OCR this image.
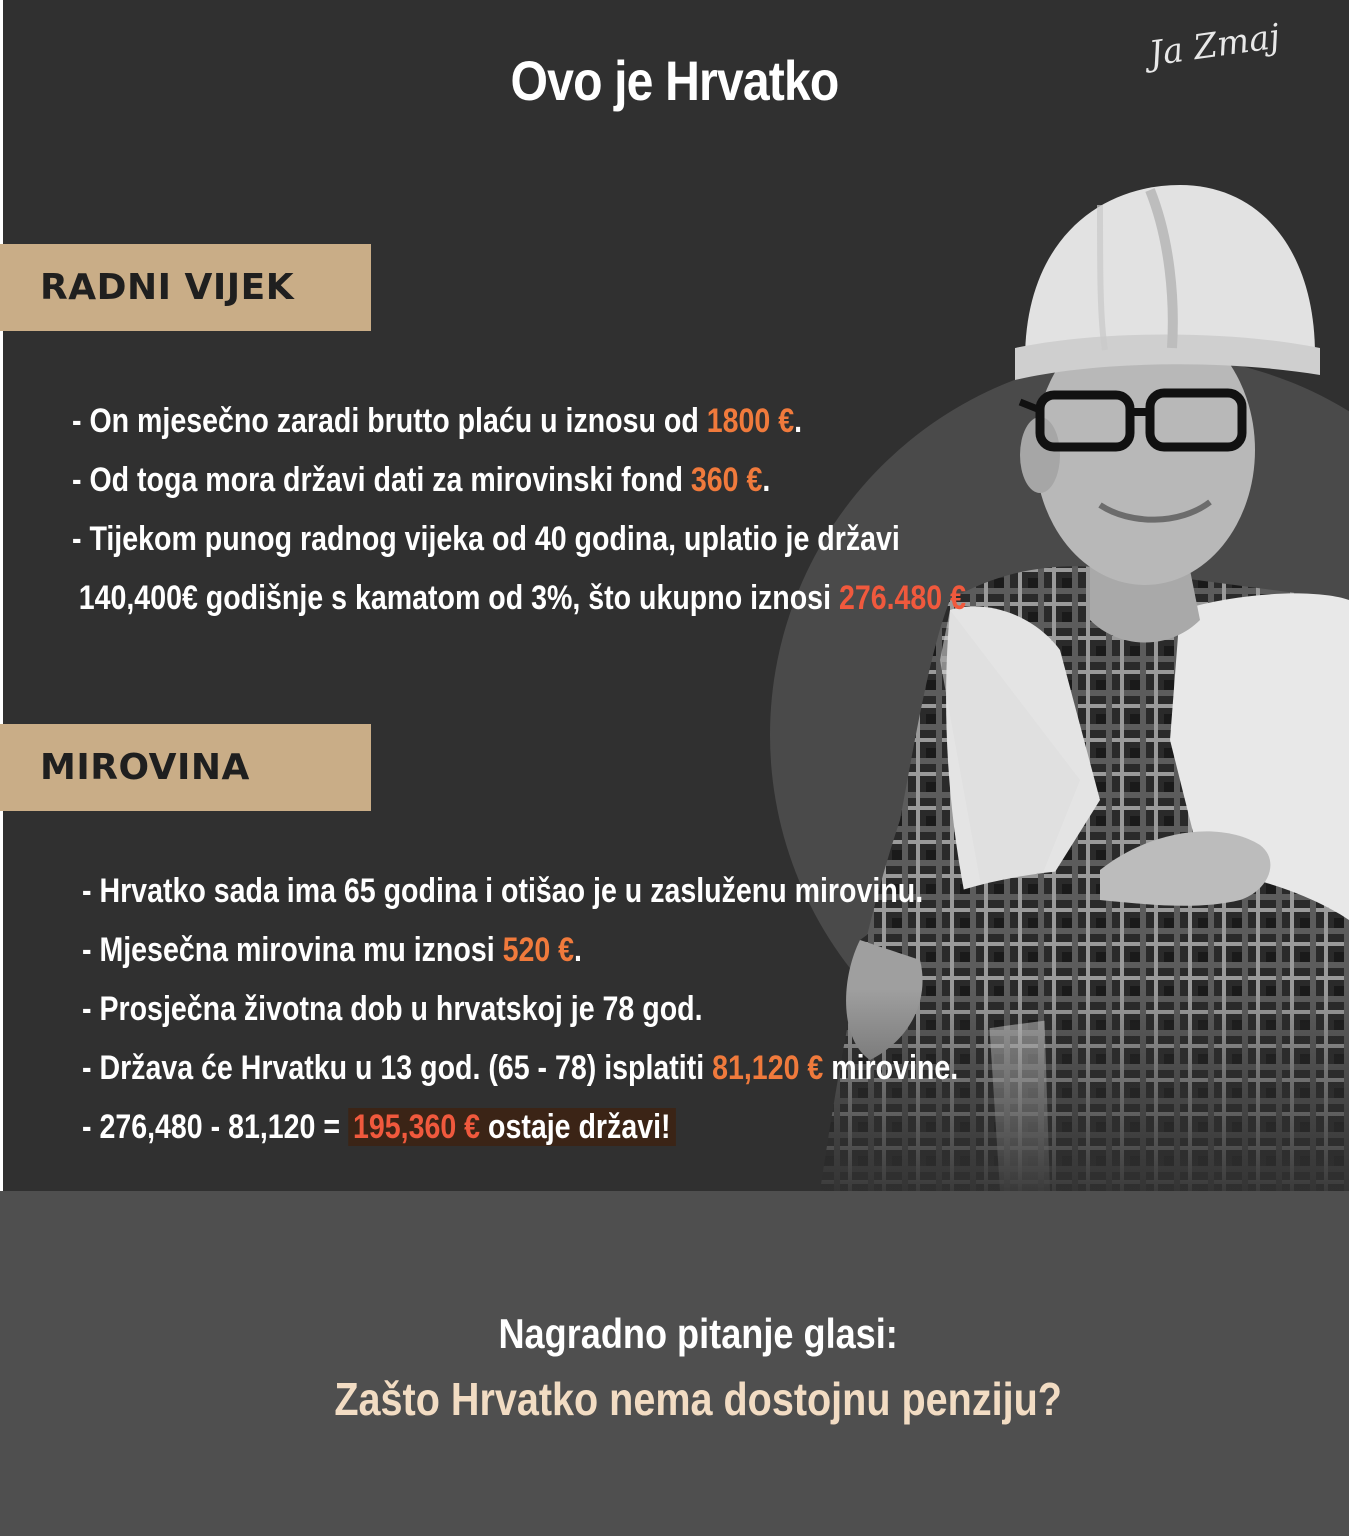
Ovo je Hrvatko
Ja Zmaj
RADNI VIJEK
- On mjesečno zaradi brutto plaću u iznosu od 1800 €.
- Od toga mora državi dati za mirovinski fond 360 €.
- Tijekom punog radnog vijeka od 40 godina, uplatio je državi
140,400€ godišnje s kamatom od 3%, što ukupno iznosi 276.480 €
MIROVINA
- Hrvatko sada ima 65 godina i otišao je u zasluženu mirovinu.
- Mjesečna mirovina mu iznosi 520 €.
- Prosječna životna dob u hrvatskoj je 78 god.
- Država će Hrvatku u 13 god. (65 - 78) isplatiti 81,120 € mirovine.
- 276,480 - 81,120 = 195,360 € ostaje državi!
Nagradno pitanje glasi:
Zašto Hrvatko nema dostojnu penziju?
